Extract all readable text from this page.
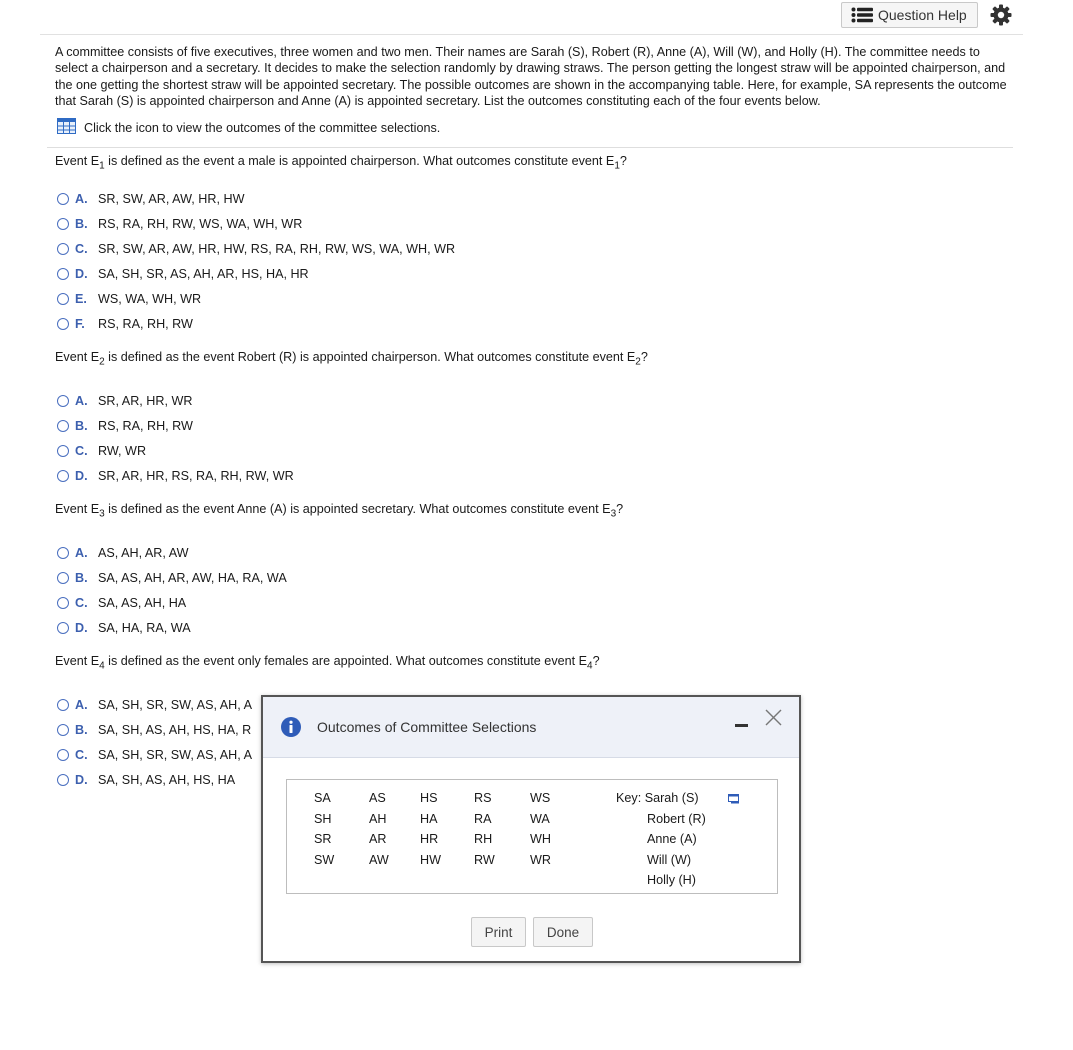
Question Help
A committee consists of five executives, three women and two men. Their names are Sarah (S), Robert (R), Anne (A), Will (W), and Holly (H). The committee needs to select a chairperson and a secretary. It decides to make the selection randomly by drawing straws. The person getting the longest straw will be appointed chairperson, and the one getting the shortest straw will be appointed secretary. The possible outcomes are shown in the accompanying table. Here, for example, SA represents the outcome that Sarah (S) is appointed chairperson and Anne (A) is appointed secretary. List the outcomes constituting each of the four events below.
Click the icon to view the outcomes of the committee selections.
Event $E_1$ is defined as the event a male is appointed chairperson. What outcomes constitute event $E_1$?
A. SR, SW, AR, AW, HR, HW
B. RS, RA, RH, RW, WS, WA, WH, WR
C. SR, SW, AR, AW, HR, HW, RS, RA, RH, RW, WS, WA, WH, WR
D. SA, SH, SR, AS, AH, AR, HS, HA, HR
E. WS, WA, WH, WR
F.	RS, RA, RH, RW
Event $E_2$ is defined as the event Robert (R) is appointed chairperson. What outcomes constitute event $E_2$?
A. SR, AR, HR, WR
B. RS, RA, RH, RW
C. RW, WR
D. SR, AR, HR, RS, RA, RH, RW, WR
Event $E_3$ is defined as the event Anne (A) is appointed secretary. What outcomes constitute event $E_3$?
A. AS, AH, AR, AW
B. SA, AS, AH, AR, AW, HA, RA, WA
C. SA, AS, AH, HA
D. SA, HA, RA, WA
Event $E_4$ is defined as the event only females are appointed. What outcomes constitute event $E_4$?
A. SA, SH, SR, SW, AS, AH, A
B. SA, SH, AS, AH, HS, HA, R
C. SA, SH, SR, SW, AS, AH, A
D. SA, SH, AS, AH, HS, HA
Outcomes of Committee Selections
SA
SH
SR
SW
AS
AH
AR
AW
HS
HA
HR
HW
RS
RA
RH
RW
WS
WA
WH
WR
Key: Sarah (S)
Robert (R)
Anne (A)
Will (W)
Holly (H)
Print	Done
